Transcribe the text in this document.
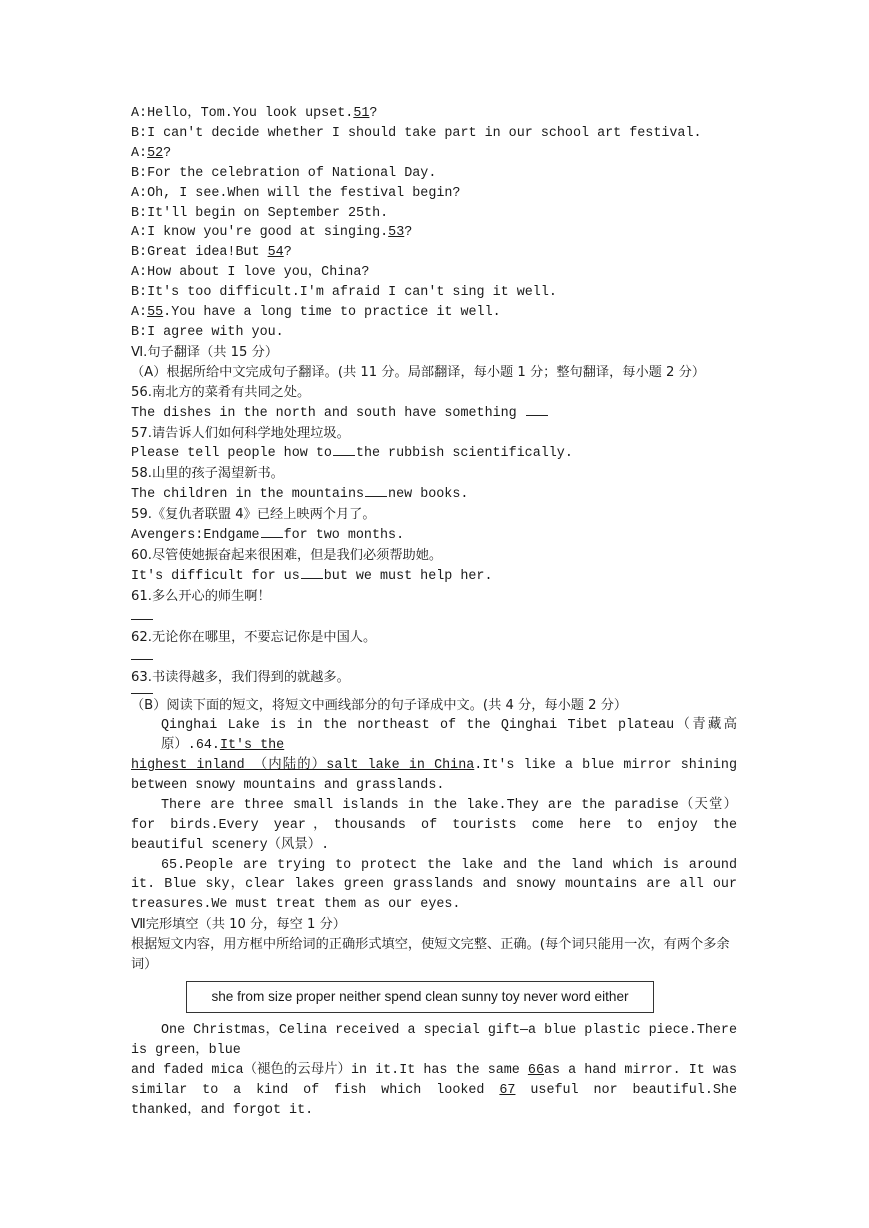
A:Hello，Tom.You look upset.51?
B:I can't decide whether I should take part in our school art festival.
A:52?
B:For the celebration of National Day.
A:Oh, I see.When will the festival begin?
B:It'll begin on September 25th.
A:I know you're good at singing.53?
B:Great idea!But 54?
A:How about I love you，China?
B:It's too difficult.I'm afraid I can't sing it well.
A:55.You have a long time to practice it well.
B:I agree with you.
Ⅵ.句子翻译（共 15 分）
（A）根据所给中文完成句子翻译。(共 11 分。局部翻译，每小题 1 分；整句翻译，每小题 2 分）
56.南北方的菜肴有共同之处。
The dishes in the north and south have something
57.请告诉人们如何科学地处理垃圾。
Please tell people how to the rubbish scientifically.
58.山里的孩子渴望新书。
The children in the mountains new books.
59.《复仇者联盟 4》已经上映两个月了。
Avengers:Endgame for two months.
60.尽管使她振奋起来很困难，但是我们必须帮助她。
It's difficult for us but we must help her.
61.多么开心的师生啊！
62.无论你在哪里，不要忘记你是中国人。
63.书读得越多，我们得到的就越多。
（B）阅读下面的短文，将短文中画线部分的句子译成中文。(共 4 分，每小题 2 分）
Qinghai Lake is in the northeast of the Qinghai Tibet plateau（青藏高原）.64.It's the
highest inland （内陆的）salt lake in China.It's like a blue mirror shining between snowy mountains and grasslands.
There are three small islands in the lake.They are the paradise（天堂）for birds.Every year，thousands of tourists come here to enjoy the beautiful scenery（风景）.
65.People are trying to protect the lake and the land which is around it. Blue sky，clear lakes green grasslands and snowy mountains are all our treasures.We must treat them as our eyes.
Ⅶ完形填空（共 10 分，每空 1 分）
根据短文内容，用方框中所给词的正确形式填空，使短文完整、正确。(每个词只能用一次，有两个多余词）
she from size proper neither spend clean sunny toy never word either
One Christmas，Celina received a special gift—a blue plastic piece.There is green，blue
and faded mica（褪色的云母片）in it.It has the same 66as a hand mirror. It was similar to a kind of fish which looked 67 useful nor beautiful.She thanked，and forgot it.
